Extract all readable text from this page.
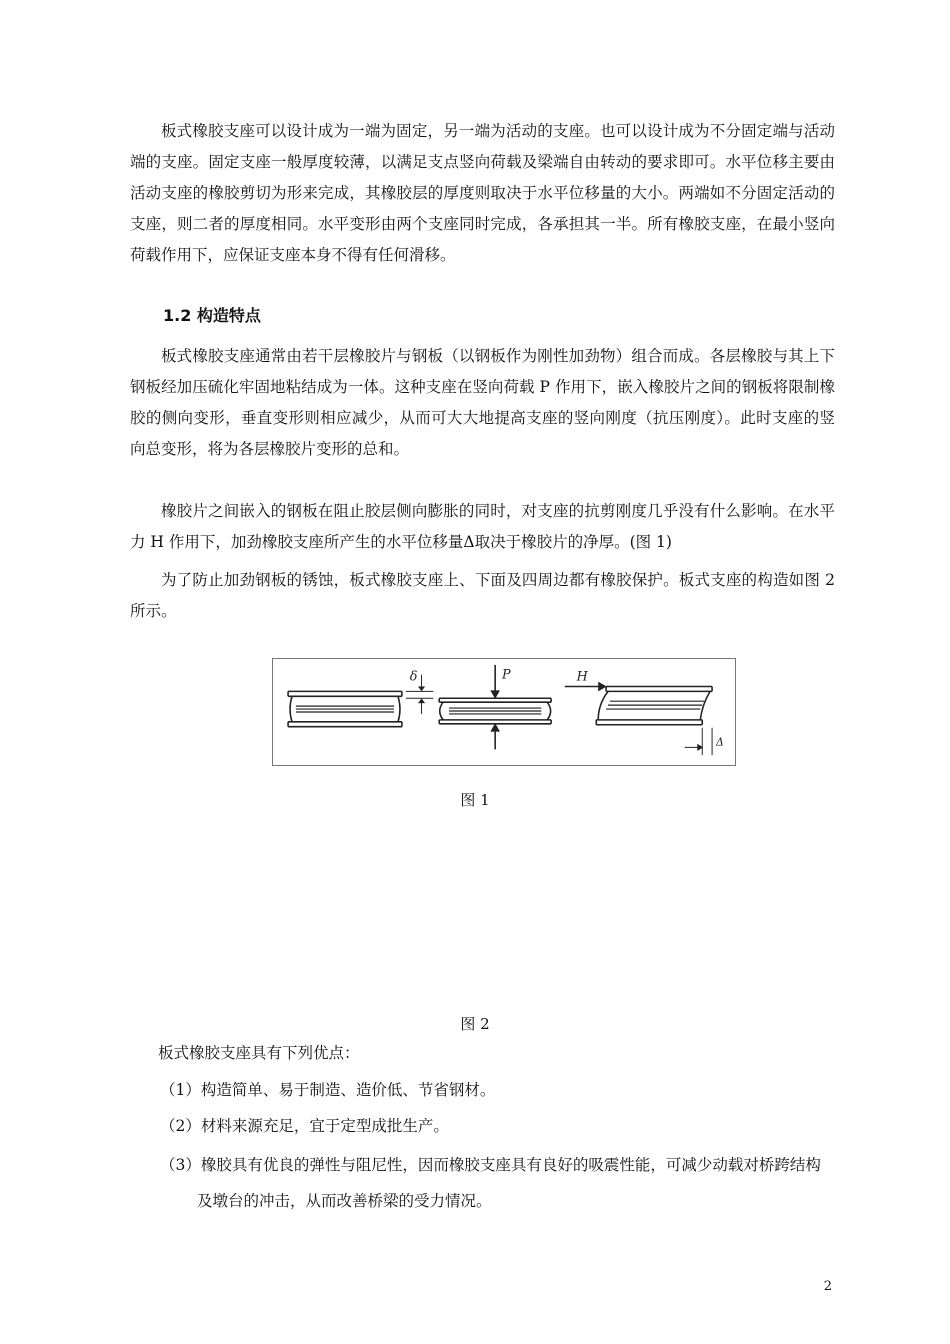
板式橡胶支座可以设计成为一端为固定，另一端为活动的支座。也可以设计成为不分固定端与活动端的支座。固定支座一般厚度较薄，以满足支点竖向荷载及梁端自由转动的要求即可。水平位移主要由活动支座的橡胶剪切为形来完成，其橡胶层的厚度则取决于水平位移量的大小。两端如不分固定活动的支座，则二者的厚度相同。水平变形由两个支座同时完成，各承担其一半。所有橡胶支座，在最小竖向荷载作用下，应保证支座本身不得有任何滑移。

1.2 构造特点

板式橡胶支座通常由若干层橡胶片与钢板（以钢板作为刚性加劲物）组合而成。各层橡胶与其上下钢板经加压硫化牢固地粘结成为一体。这种支座在竖向荷载 P 作用下，嵌入橡胶片之间的钢板将限制橡胶的侧向变形，垂直变形则相应减少，从而可大大地提高支座的竖向刚度（抗压刚度）。此时支座的竖向总变形，将为各层橡胶片变形的总和。

橡胶片之间嵌入的钢板在阻止胶层侧向膨胀的同时，对支座的抗剪刚度几乎没有什么影响。在水平力 H 作用下，加劲橡胶支座所产生的水平位移量Δ取决于橡胶片的净厚。(图 1)

为了防止加劲钢板的锈蚀，板式橡胶支座上、下面及四周边都有橡胶保护。板式支座的构造如图 2 所示。

δ	P	H
Δ

图 1

图 2

板式橡胶支座具有下列优点：

（1）构造简单、易于制造、造价低、节省钢材。

（2）材料来源充足，宜于定型成批生产。

（3）橡胶具有优良的弹性与阻尼性，因而橡胶支座具有良好的吸震性能，可减少动载对桥跨结构及墩台的冲击，从而改善桥梁的受力情况。

2
